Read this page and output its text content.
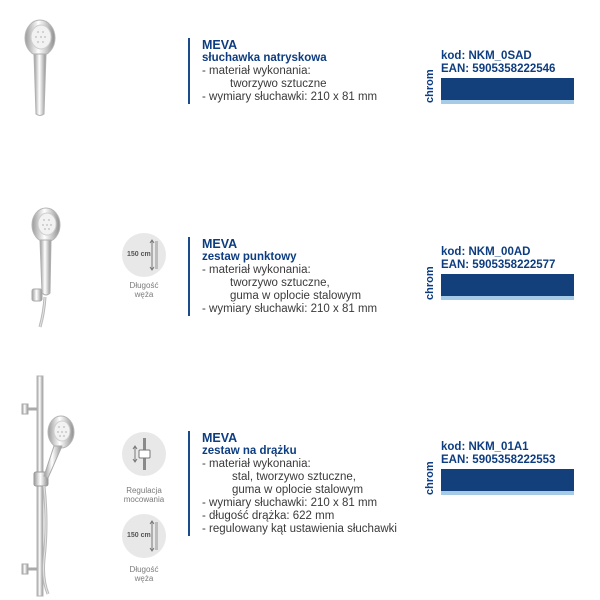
MEVA
słuchawka natryskowa
- materiał wykonania:
tworzywo sztuczne
- wymiary słuchawki: 210 x 81 mm	chrom
kod: NKM_0SAD
EAN: 5905358222546
150 cm
Długość
węża
MEVA
zestaw punktowy
- materiał wykonania:
tworzywo sztuczne,
guma w oplocie stalowym
- wymiary słuchawki: 210 x 81 mm
chrom
kod: NKM_00AD
EAN: 5905358222577
Regulacja
mocowania
150 cm
Długość
węża
MEVA
zestaw na drążku
- materiał wykonania:
stal, tworzywo sztuczne,
guma w oplocie stalowym
- wymiary słuchawki: 210 x 81 mm
- długość drążka: 622 mm
- regulowany kąt ustawienia słuchawki
chrom
kod: NKM_01A1
EAN: 5905358222553
